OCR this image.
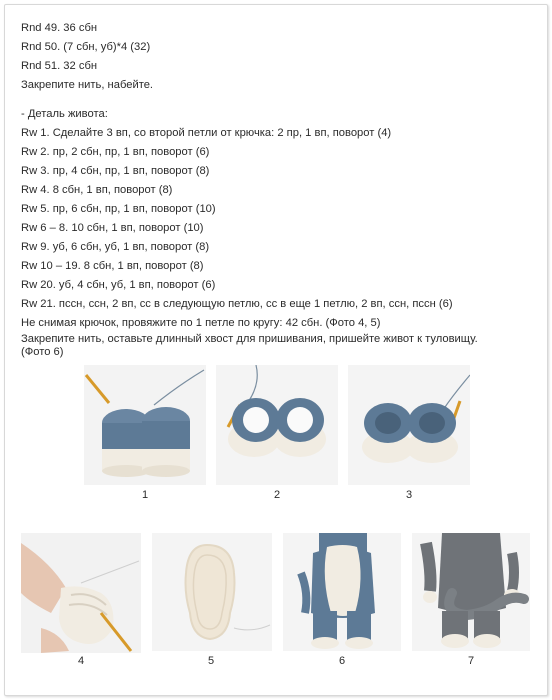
Rnd 49. 36 сбн
Rnd 50. (7 сбн, уб)*4 (32)
Rnd 51. 32 сбн
Закрепите нить, набейте.
- Деталь живота:
Rw 1. Сделайте 3 вп, со второй петли от крючка: 2 пр, 1 вп, поворот (4)
Rw 2. пр, 2 сбн, пр, 1 вп, поворот (6)
Rw 3. пр, 4 сбн, пр, 1 вп, поворот (8)
Rw 4. 8 сбн, 1 вп, поворот (8)
Rw 5. пр, 6 сбн, пр, 1 вп, поворот (10)
Rw 6 – 8. 10 сбн, 1 вп, поворот (10)
Rw 9. уб, 6 сбн, уб, 1 вп, поворот (8)
Rw 10 – 19. 8 сбн, 1 вп, поворот (8)
Rw 20. уб, 4 сбн, уб, 1 вп, поворот (6)
Rw 21. пссн, ссн, 2 вп, сс в следующую петлю, сс в еще 1 петлю, 2 вп, ссн, пссн (6)
Не снимая крючок, провяжите по 1 петле по кругу: 42 сбн. (Фото 4, 5)
Закрепите нить, оставьте длинный хвост для пришивания, пришейте живот к туловищу.
(Фото 6)
1	2	3
4	5	6	7
